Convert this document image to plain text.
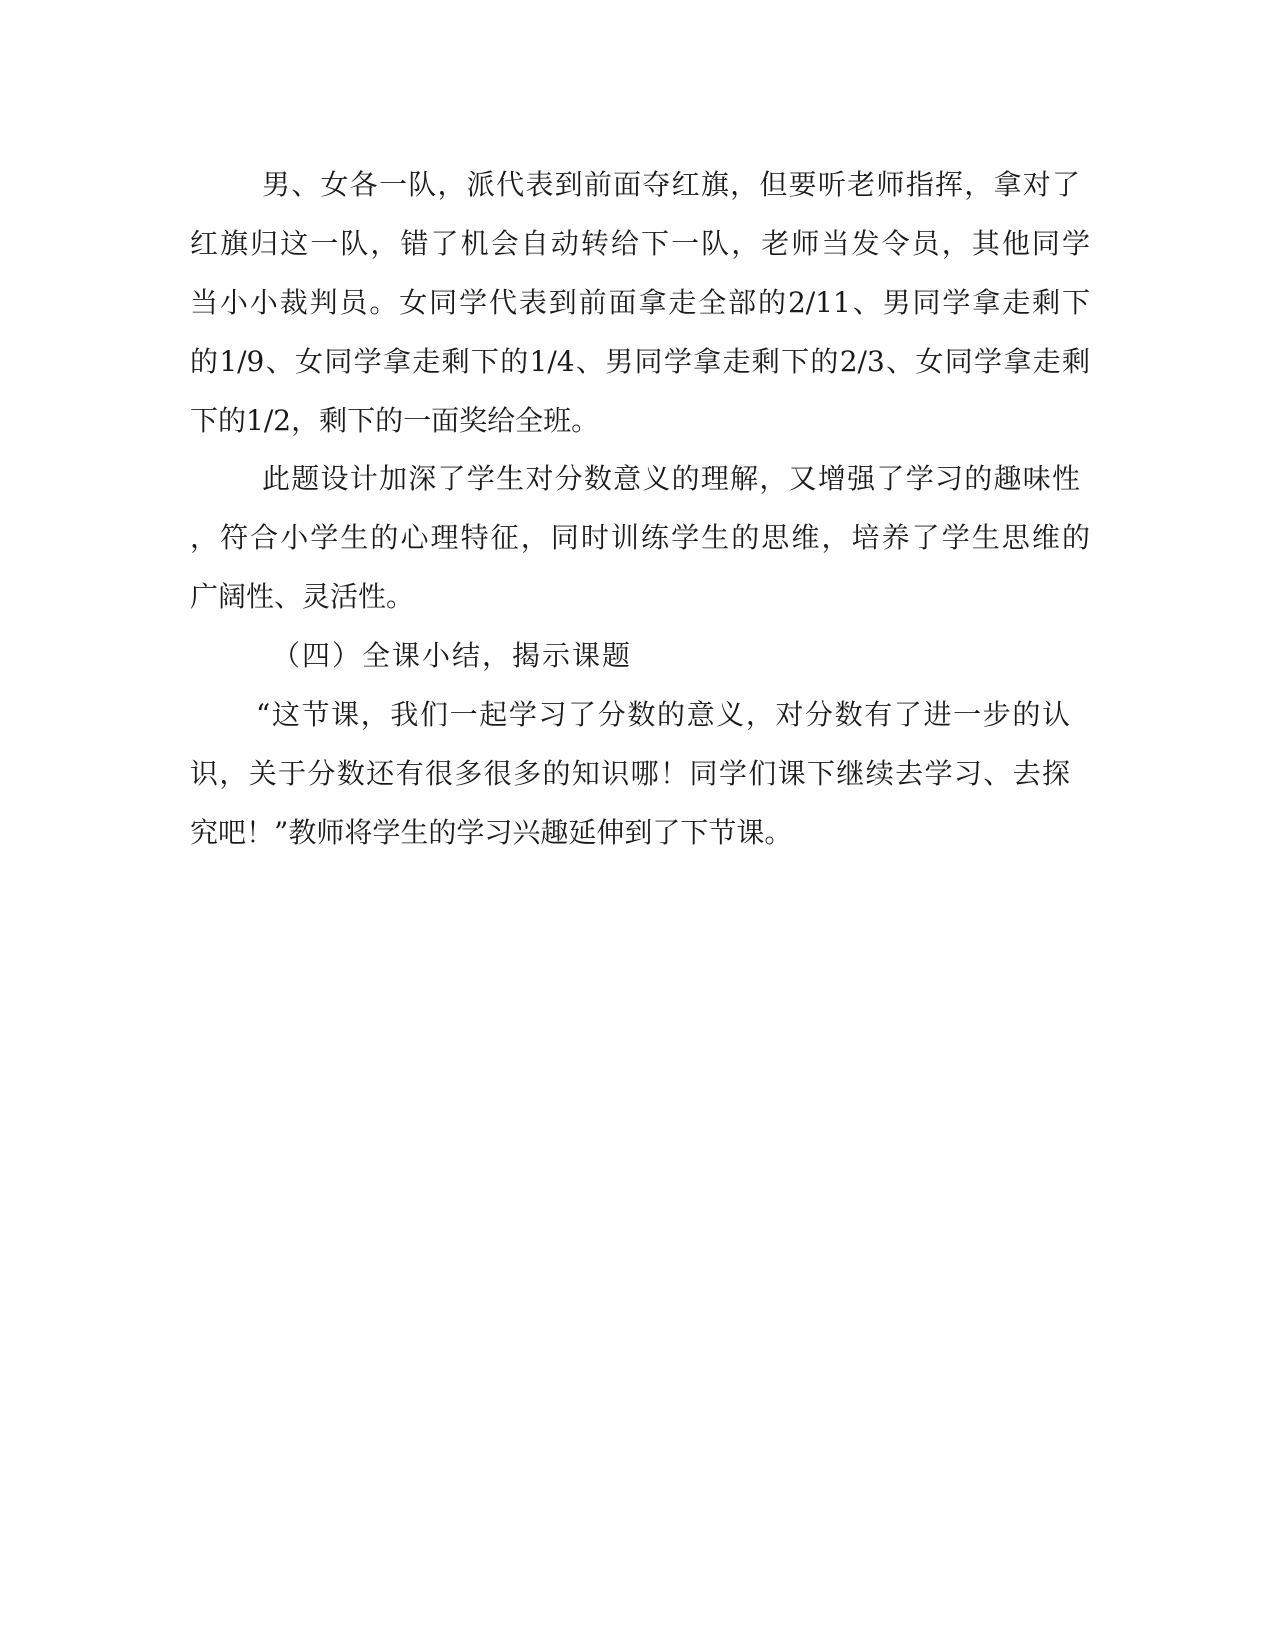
男、女各一队，派代表到前面夺红旗，但要听老师指挥，拿对了
红旗归这一队，错了机会自动转给下一队，老师当发令员，其他同学
当小小裁判员。女同学代表到前面拿走全部的2/11、男同学拿走剩下
的1/9、女同学拿走剩下的1/4、男同学拿走剩下的2/3、女同学拿走剩
下的1/2，剩下的一面奖给全班。
此题设计加深了学生对分数意义的理解，又增强了学习的趣味性
，符合小学生的心理特征，同时训练学生的思维，培养了学生思维的
广阔性、灵活性。
（四）全课小结，揭示课题
“这节课，我们一起学习了分数的意义，对分数有了进一步的认
识，关于分数还有很多很多的知识哪！同学们课下继续去学习、去探
究吧！”教师将学生的学习兴趣延伸到了下节课。
